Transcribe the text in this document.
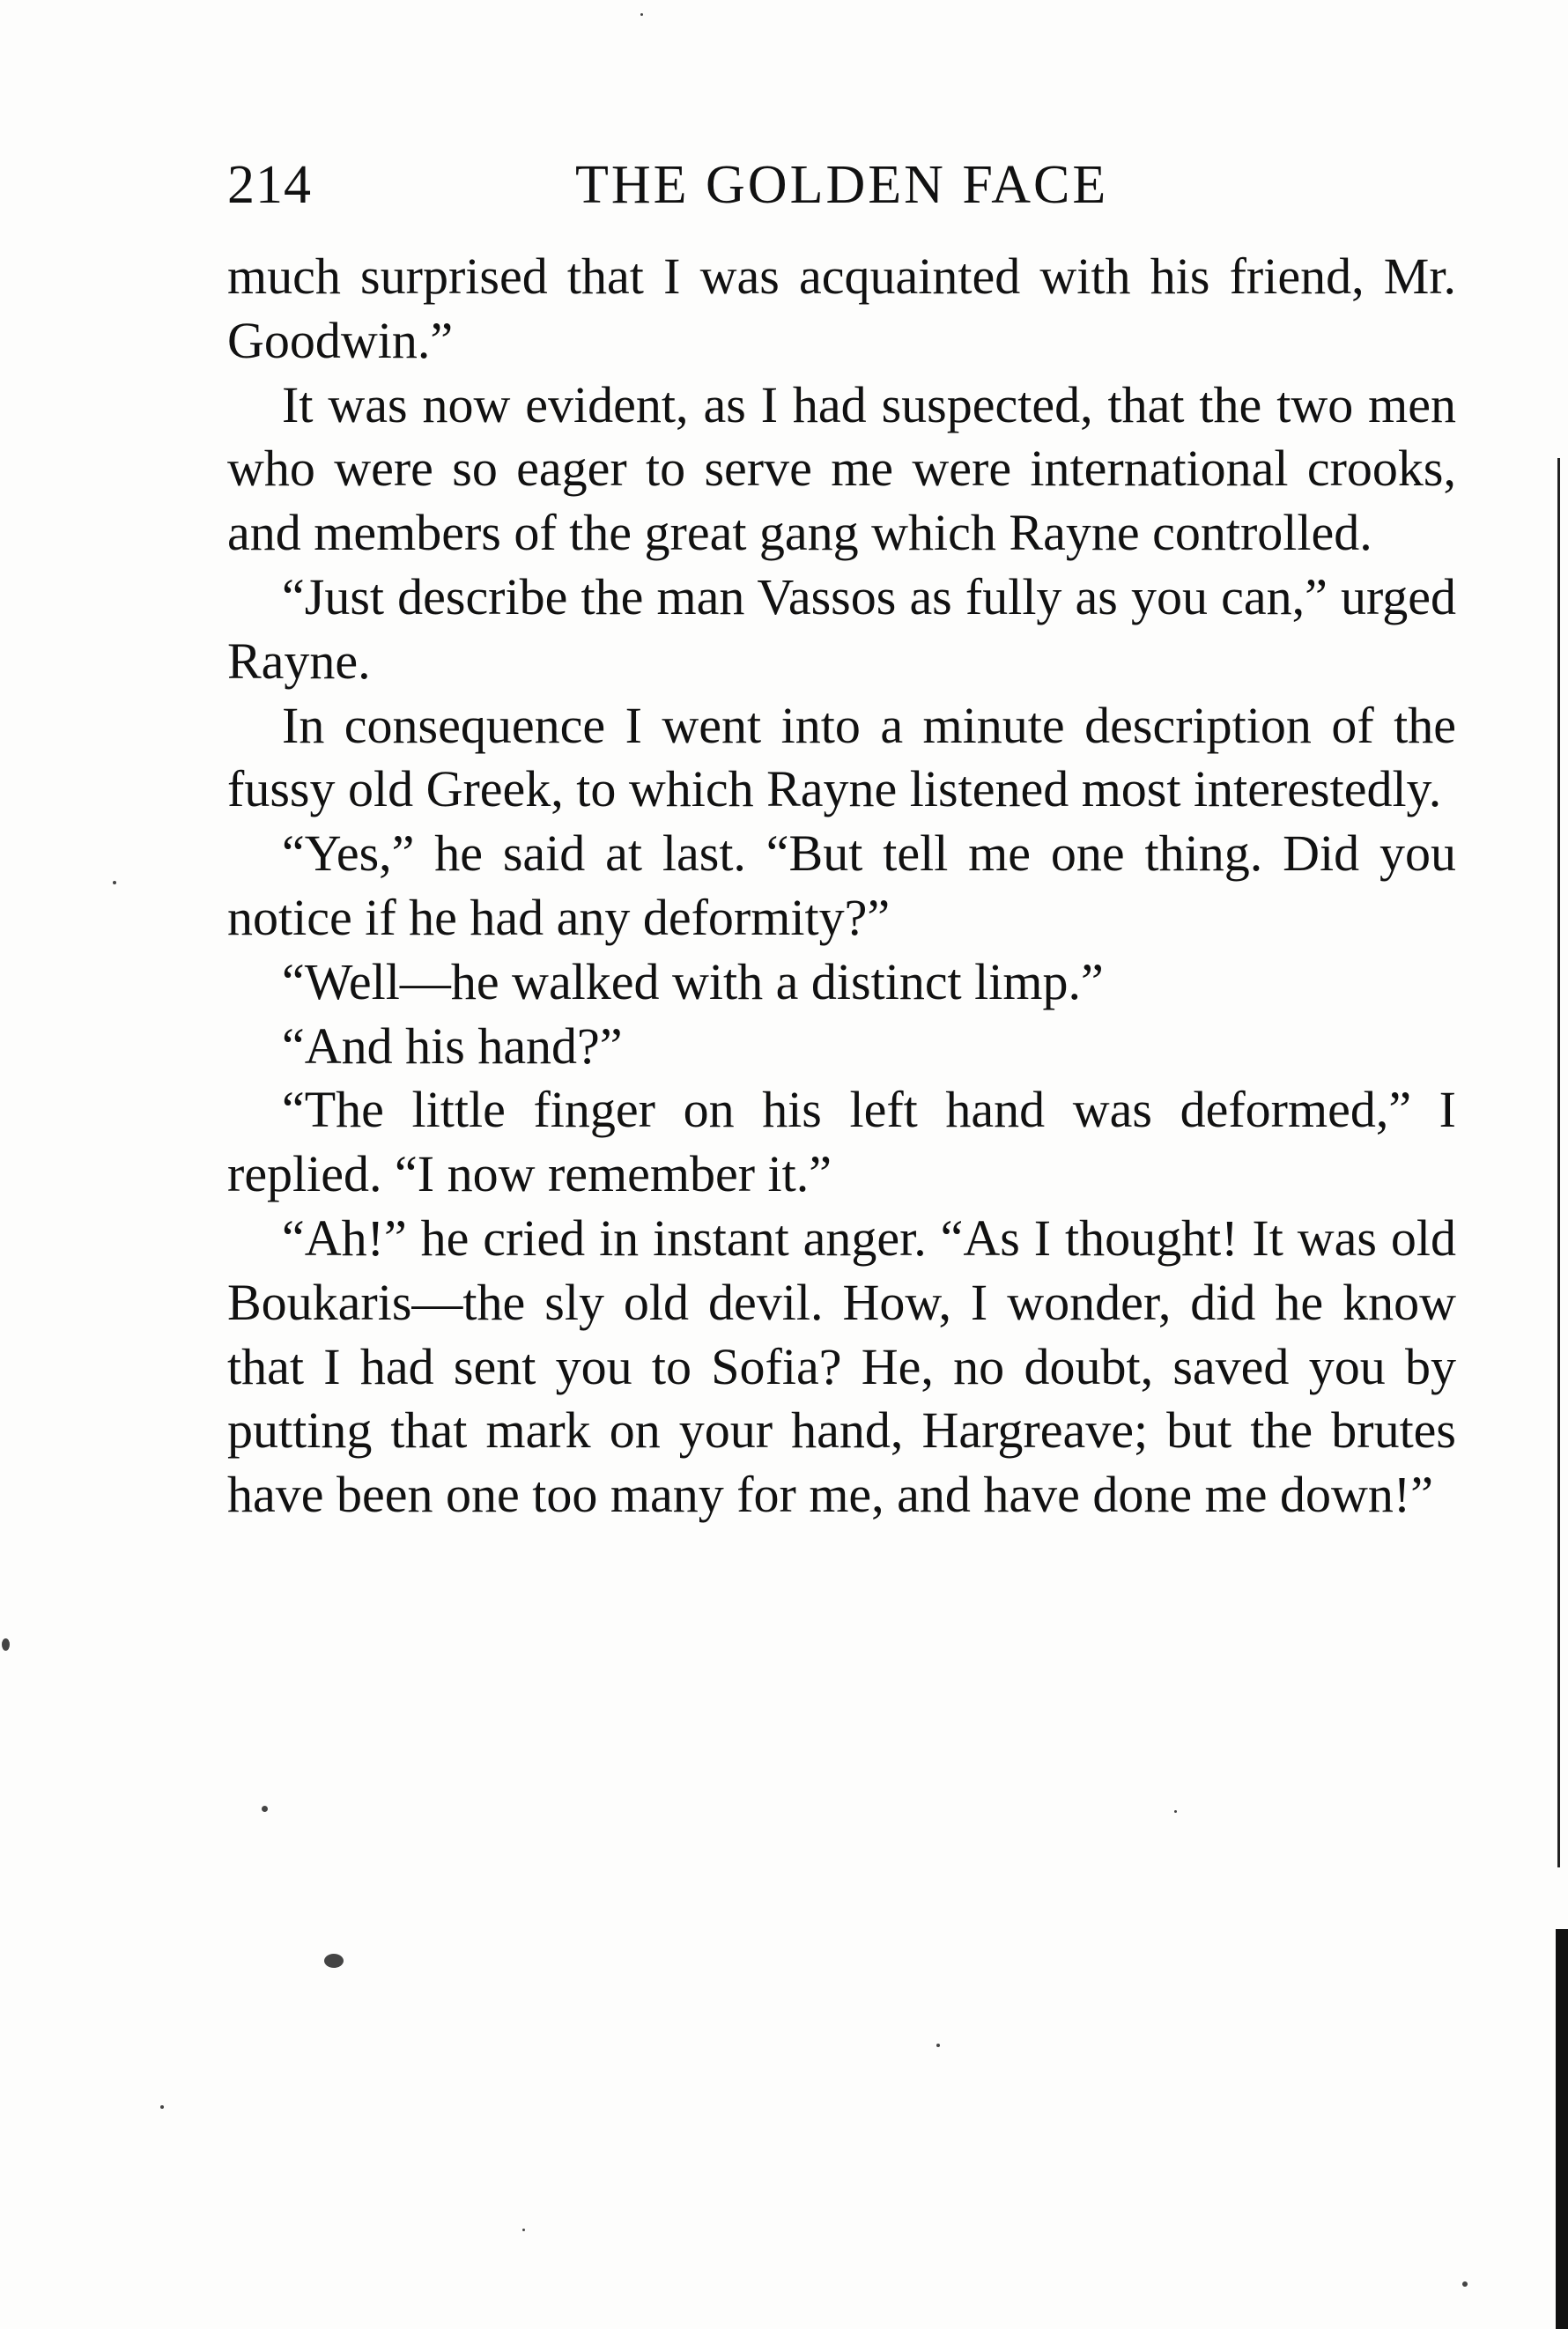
214	THE GOLDEN FACE

much surprised that I was acquainted with his friend, Mr. Goodwin.”

It was now evident, as I had suspected, that the two men who were so eager to serve me were international crooks, and members of the great gang which Rayne controlled.

“Just describe the man Vassos as fully as you can,” urged Rayne.

In consequence I went into a minute description of the fussy old Greek, to which Rayne listened most interestedly.

“Yes,” he said at last. “But tell me one thing. Did you notice if he had any deformity?”

“Well—he walked with a distinct limp.”

“And his hand?”

“The little finger on his left hand was deformed,” I replied. “I now remember it.”

“Ah!” he cried in instant anger. “As I thought! It was old Boukaris—the sly old devil. How, I wonder, did he know that I had sent you to Sofia? He, no doubt, saved you by putting that mark on your hand, Hargreave; but the brutes have been one too many for me, and have done me down!”
